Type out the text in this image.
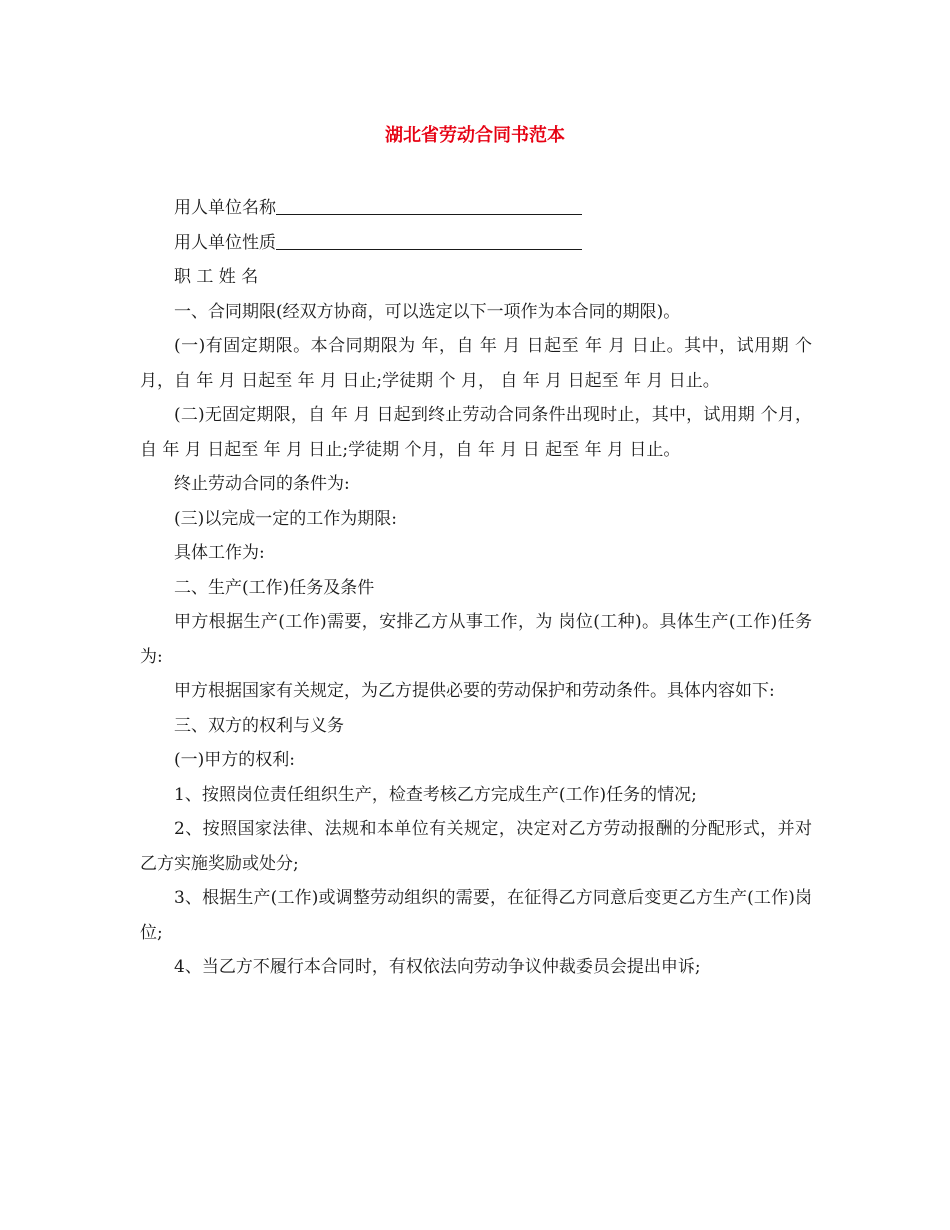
湖北省劳动合同书范本
用人单位名称
用人单位性质
职 工 姓 名

一、合同期限(经双方协商，可以选定以下一项作为本合同的期限)。

(一)有固定期限。本合同期限为 年，自 年 月 日起至 年 月 日止。其中，试用期 个月，自 年 月 日起至 年 月 日止;学徒期 个 月， 自 年 月 日起至 年 月 日止。

(二)无固定期限，自 年 月 日起到终止劳动合同条件出现时止，其中，试用期 个月，自 年 月 日起至 年 月 日止;学徒期 个月，自 年 月 日 起至 年 月 日止。

终止劳动合同的条件为:

(三)以完成一定的工作为期限:

具体工作为:

二、生产(工作)任务及条件

甲方根据生产(工作)需要，安排乙方从事工作，为 岗位(工种)。具体生产(工作)任务为:

甲方根据国家有关规定，为乙方提供必要的劳动保护和劳动条件。具体内容如下:

三、双方的权利与义务

(一)甲方的权利:

1、按照岗位责任组织生产，检查考核乙方完成生产(工作)任务的情况;

2、按照国家法律、法规和本单位有关规定，决定对乙方劳动报酬的分配形式，并对乙方实施奖励或处分;

3、根据生产(工作)或调整劳动组织的需要，在征得乙方同意后变更乙方生产(工作)岗位;

4、当乙方不履行本合同时，有权依法向劳动争议仲裁委员会提出申诉;
